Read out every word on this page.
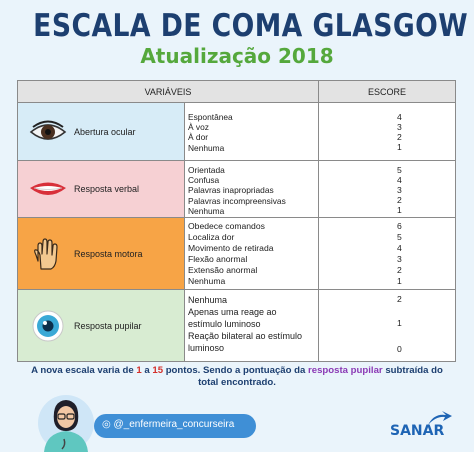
ESCALA DE COMA GLASGOW
Atualização 2018
VARIÁVEIS	ESCORE
Abertura ocular
Espontânea
À voz
À dor
Nenhuma
4
3
2
1
Resposta verbal
Orientada
Confusa
Palavras inapropriadas
Palavras incompreensivas
Nenhuma
5
4
3
2
1
Resposta motora
Obedece comandos
Localiza dor
Movimento de retirada
Flexão anormal
Extensão anormal
Nenhuma
6
5
4
3
2
1
Resposta pupilar
Nenhuma
Apenas uma reage ao
estímulo luminoso
Reação bilateral ao estímulo
luminoso
2
1
0
A nova escala varia de 1 a 15 pontos. Sendo a pontuação da resposta pupilar subtraída do
total encontrado.
◎ @_enfermeira_concurseira	SANAR
